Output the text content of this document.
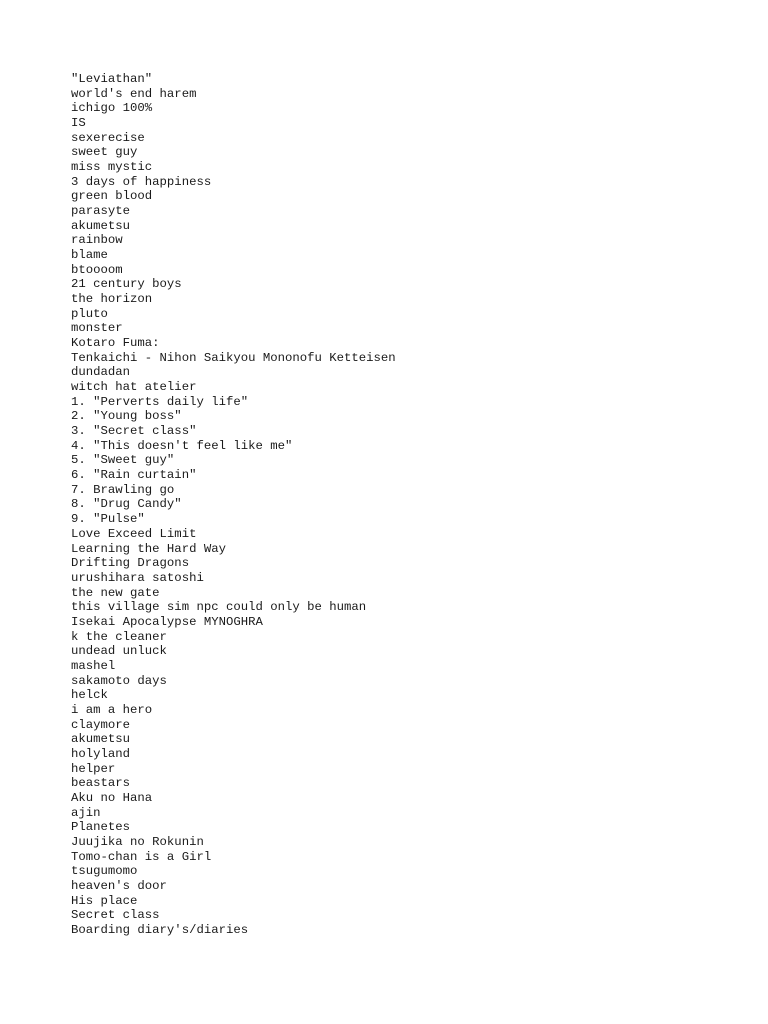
"Leviathan"
world's end harem
ichigo 100%
IS
sexerecise
sweet guy
miss mystic
3 days of happiness
green blood
parasyte
akumetsu
rainbow
blame
btoooom
21 century boys
the horizon
pluto
monster
Kotaro Fuma:
Tenkaichi - Nihon Saikyou Mononofu Ketteisen
dundadan
witch hat atelier
1. "Perverts daily life"
2. "Young boss"
3. "Secret class"
4. "This doesn't feel like me"
5. "Sweet guy"
6. "Rain curtain"
7. Brawling go
8. "Drug Candy"
9. "Pulse"
Love Exceed Limit
Learning the Hard Way
Drifting Dragons
urushihara satoshi
the new gate
this village sim npc could only be human
Isekai Apocalypse MYNOGHRA
k the cleaner
undead unluck
mashel
sakamoto days
helck
i am a hero
claymore
akumetsu
holyland
helper
beastars
Aku no Hana
ajin
Planetes
Juujika no Rokunin
Tomo-chan is a Girl
tsugumomo
heaven's door
His place
Secret class
Boarding diary's/diaries
